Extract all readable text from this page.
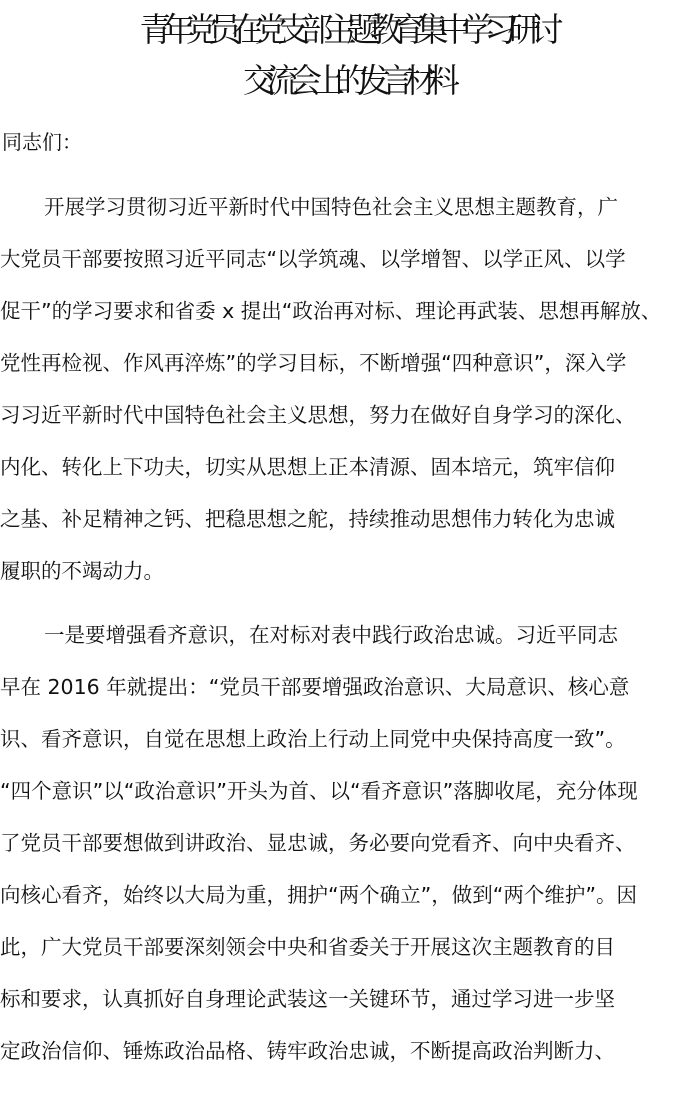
青年党员在党支部主题教育集中学习研讨
交流会上的发言材料
同志们：
开展学习贯彻习近平新时代中国特色社会主义思想主题教育，广
大党员干部要按照习近平同志“以学筑魂、以学增智、以学正风、以学
促干”的学习要求和省委 x 提出“政治再对标、理论再武装、思想再解放、
党性再检视、作风再淬炼”的学习目标，不断增强“四种意识”，深入学
习习近平新时代中国特色社会主义思想，努力在做好自身学习的深化、
内化、转化上下功夫，切实从思想上正本清源、固本培元，筑牢信仰
之基、补足精神之钙、把稳思想之舵，持续推动思想伟力转化为忠诚
履职的不竭动力。
一是要增强看齐意识，在对标对表中践行政治忠诚。习近平同志
早在 2016 年就提出：“党员干部要增强政治意识、大局意识、核心意
识、看齐意识，自觉在思想上政治上行动上同党中央保持高度一致”。
“四个意识”以“政治意识”开头为首、以“看齐意识”落脚收尾，充分体现
了党员干部要想做到讲政治、显忠诚，务必要向党看齐、向中央看齐、
向核心看齐，始终以大局为重，拥护“两个确立”，做到“两个维护”。因
此，广大党员干部要深刻领会中央和省委关于开展这次主题教育的目
标和要求，认真抓好自身理论武装这一关键环节，通过学习进一步坚
定政治信仰、锤炼政治品格、铸牢政治忠诚，不断提高政治判断力、
